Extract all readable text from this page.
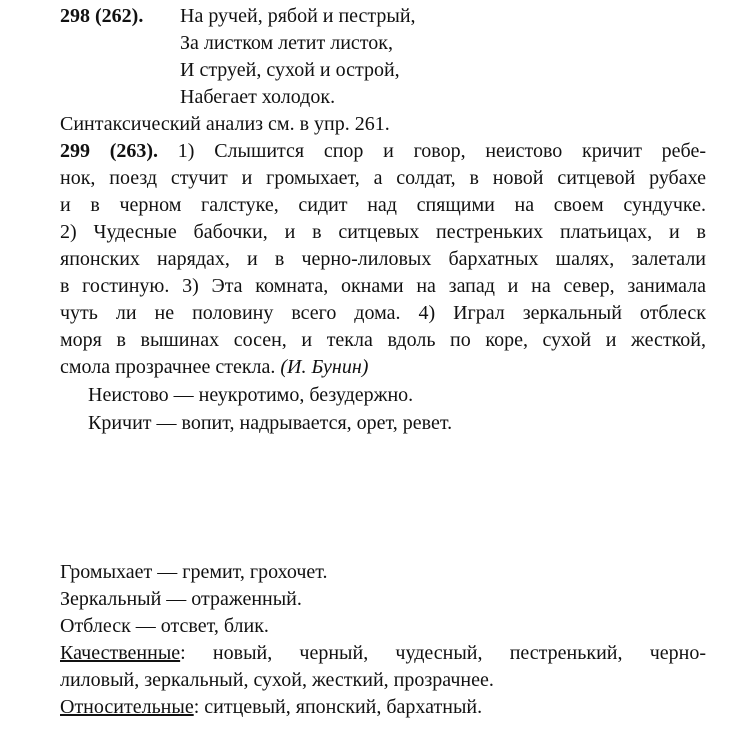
298 (262). На ручей, рябой и пестрый,
За листком летит листок,
И струей, сухой и острой,
Набегает холодок.
Синтаксический анализ см. в упр. 261.
299 (263). 1) Слышится спор и говор, неистово кричит ребе-
нок, поезд стучит и громыхает, а солдат, в новой ситцевой рубахе
и в черном галстуке, сидит над спящими на своем сундучке.
2) Чудесные бабочки, и в ситцевых пестреньких платьицах, и в
японских нарядах, и в черно-лиловых бархатных шалях, залетали
в гостиную. 3) Эта комната, окнами на запад и на север, занимала
чуть ли не половину всего дома. 4) Играл зеркальный отблеск
моря в вышинах сосен, и текла вдоль по коре, сухой и жесткой,
смола прозрачнее стекла. (И. Бунин)
Неистово — неукротимо, безудержно.
Кричит — вопит, надрывается, орет, ревет.
Громыхает — гремит, грохочет.
Зеркальный — отраженный.
Отблеск — отсвет, блик.
Качественные: новый, черный, чудесный, пестренький, черно-
лиловый, зеркальный, сухой, жесткий, прозрачнее.
Относительные: ситцевый, японский, бархатный.
